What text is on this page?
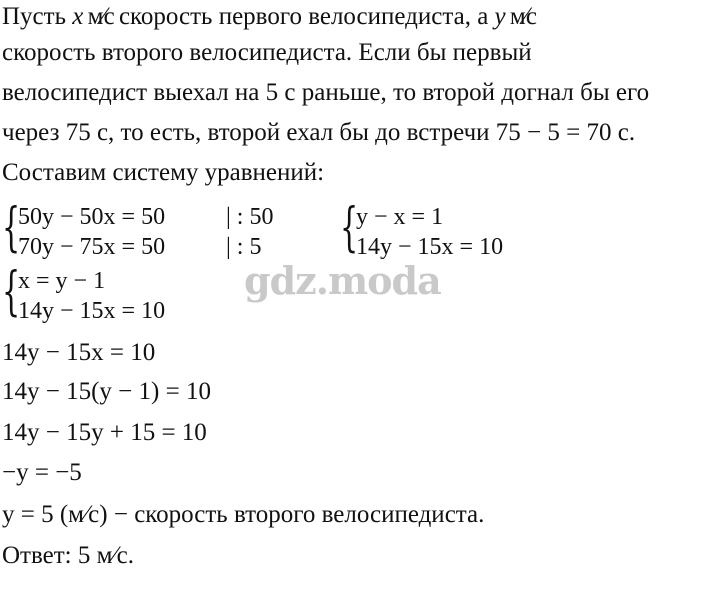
Пусть x м⁄с скорость первого велосипедиста, а y м⁄с
скорость второго велосипедиста. Если бы первый
велосипедист выехал на 5 с раньше, то второй догнал бы его
через 75 с, то есть, второй ехал бы до встречи 75 − 5 = 70 с.
Составим систему уравнений:
{
50y − 50x = 50	| : 50
70y − 75x = 50	| : 5 {
y − x = 1
14y − 15x = 10
{
x = y − 1
14y − 15x = 10
gdz.moda
14y − 15x = 10
14y − 15(y − 1) = 10
14y − 15y + 15 = 10
−y = −5
y = 5 (м⁄с) − скорость второго велосипедиста.
Ответ: 5 м⁄с.
